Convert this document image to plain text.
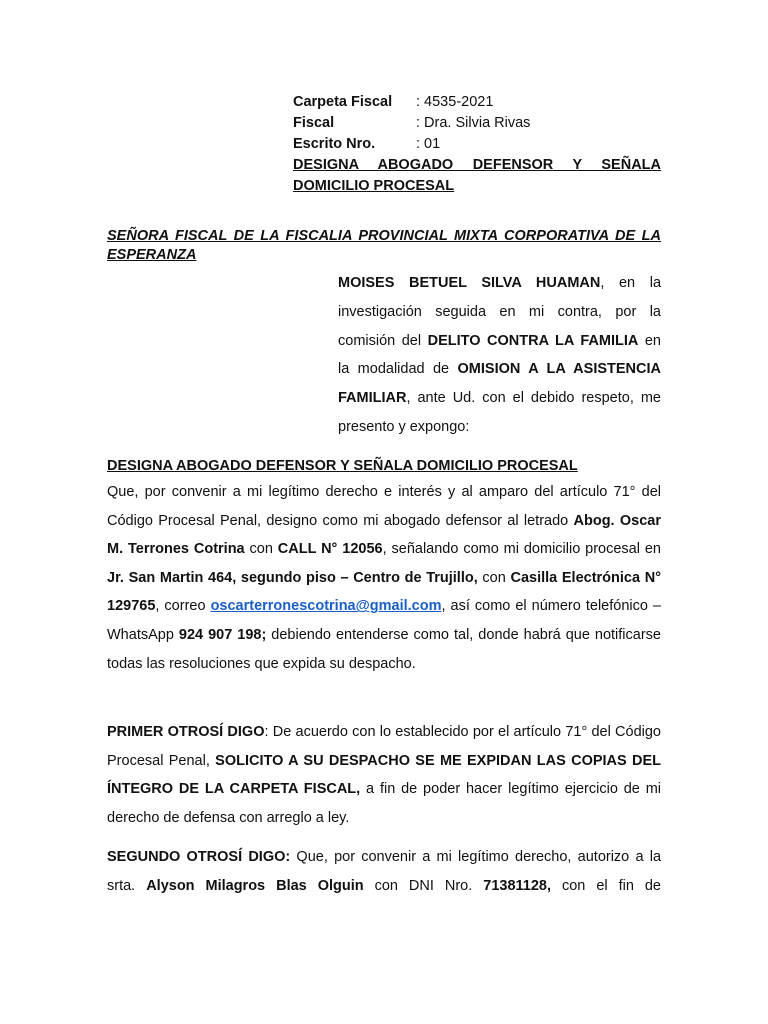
Carpeta Fiscal	: 4535-2021
Fiscal	: Dra. Silvia Rivas
Escrito Nro.	: 01
DESIGNA ABOGADO DEFENSOR Y SEÑALA
DOMICILIO PROCESAL
SEÑORA FISCAL DE LA FISCALIA PROVINCIAL MIXTA CORPORATIVA DE LA ESPERANZA
MOISES BETUEL SILVA HUAMAN, en la investigación seguida en mi contra, por la comisión del DELITO CONTRA LA FAMILIA en la modalidad de OMISION A LA ASISTENCIA FAMILIAR, ante Ud. con el debido respeto, me presento y expongo:
DESIGNA ABOGADO DEFENSOR Y SEÑALA DOMICILIO PROCESAL
Que, por convenir a mi legítimo derecho e interés y al amparo del artículo 71° del Código Procesal Penal, designo como mi abogado defensor al letrado Abog. Oscar M. Terrones Cotrina con CALL N° 12056, señalando como mi domicilio procesal en Jr. San Martin 464, segundo piso – Centro de Trujillo, con Casilla Electrónica N° 129765, correo oscarterronescotrina@gmail.com, así como el número telefónico – WhatsApp 924 907 198; debiendo entenderse como tal, donde habrá que notificarse todas las resoluciones que expida su despacho.
PRIMER OTROSÍ DIGO: De acuerdo con lo establecido por el artículo 71° del Código Procesal Penal, SOLICITO A SU DESPACHO SE ME EXPIDAN LAS COPIAS DEL ÍNTEGRO DE LA CARPETA FISCAL, a fin de poder hacer legítimo ejercicio de mi derecho de defensa con arreglo a ley.
SEGUNDO OTROSÍ DIGO: Que, por convenir a mi legítimo derecho, autorizo a la srta. Alyson Milagros Blas Olguin con DNI Nro. 71381128, con el fin de
